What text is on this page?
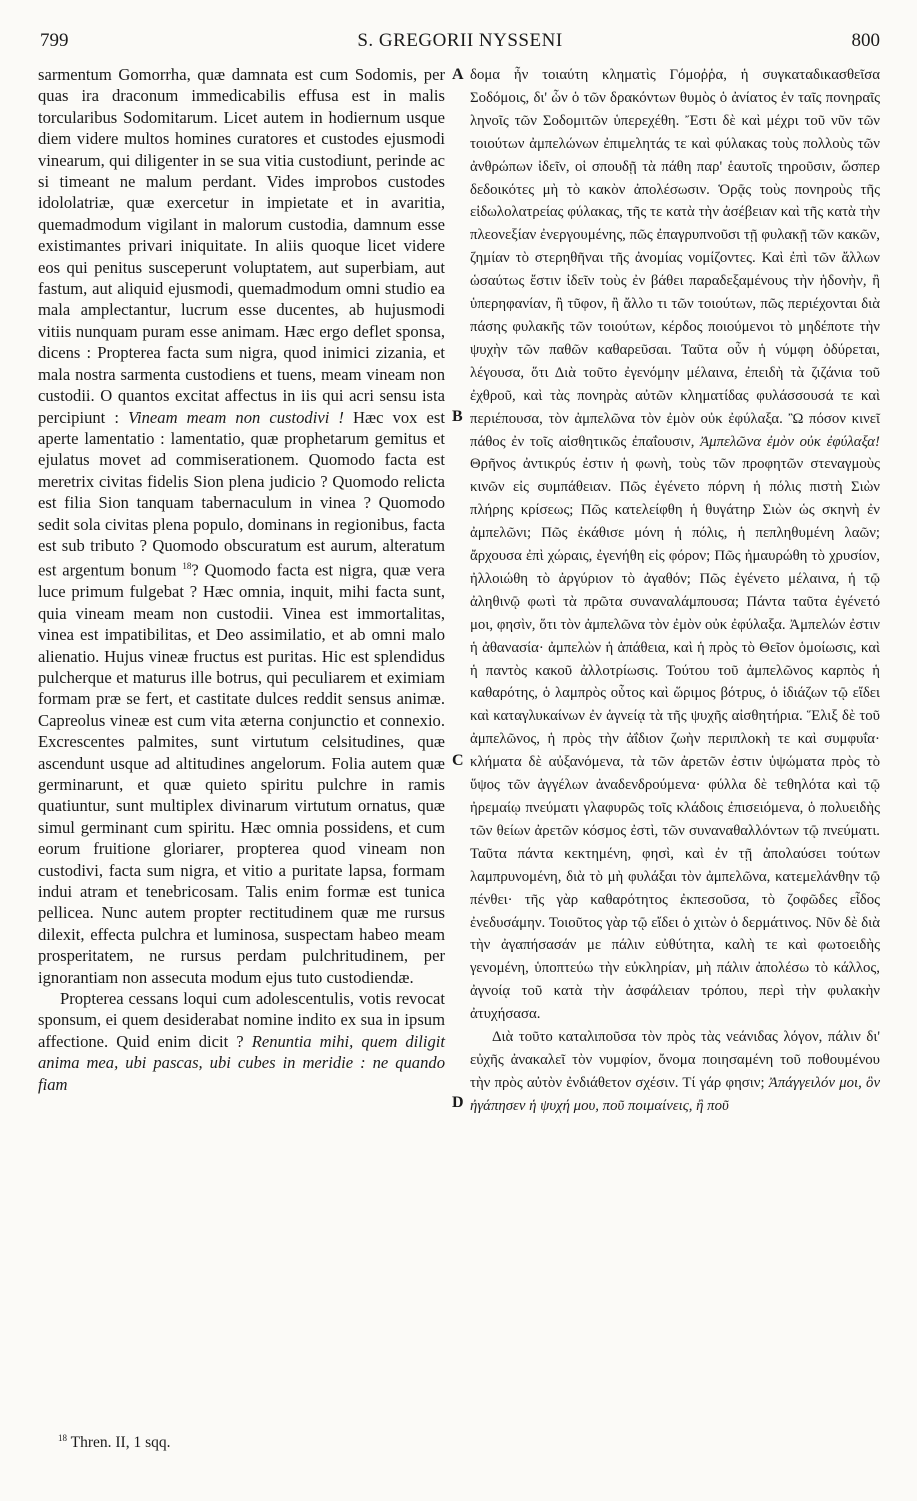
799	S. GREGORII NYSSENI	800

sarmentum Gomorrha, quæ damnata est cum Sodomis, per quas ira draconum immedicabilis effusa est in malis torcularibus Sodomitarum. Licet autem in hodiernum usque diem videre multos homines curatores et custodes ejusmodi vinearum, qui diligenter in se sua vitia custodiunt, perinde ac si timeant ne malum perdant. Vides improbos custodes idololatriæ, quæ exercetur in impietate et in avaritia, quemadmodum vigilant in malorum custodia, damnum esse existimantes privari iniquitate. In aliis quoque licet videre eos qui penitus susceperunt voluptatem, aut superbiam, aut fastum, aut aliquid ejusmodi, quemadmodum omni studio ea mala amplectantur, lucrum esse ducentes, ab hujusmodi vitiis nunquam puram esse animam. Hæc ergo deflet sponsa, dicens : Propterea facta sum nigra, quod inimici zizania, et mala nostra sarmenta custodiens et tuens, meam vineam non custodii. O quantos excitat affectus in iis qui acri sensu ista percipiunt : Vineam meam non custodivi ! Hæc vox est aperte lamentatio : lamentatio, quæ prophetarum gemitus et ejulatus movet ad commiserationem. Quomodo facta est meretrix civitas fidelis Sion plena judicio ? Quomodo relicta est filia Sion tanquam tabernaculum in vinea ? Quomodo sedit sola civitas plena populo, dominans in regionibus, facta est sub tributo ? Quomodo obscuratum est aurum, alteratum est argentum bonum $^{18}$? Quomodo facta est nigra, quæ vera luce primum fulgebat ? Hæc omnia, inquit, mihi facta sunt, quia vineam meam non custodii. Vinea est immortalitas, vinea est impatibilitas, et Deo assimilatio, et ab omni malo alienatio. Hujus vineæ fructus est puritas. Hic est splendidus pulcherque et maturus ille botrus, qui peculiarem et eximiam formam præ se fert, et castitate dulces reddit sensus animæ. Capreolus vineæ est cum vita æterna conjunctio et connexio. Excrescentes palmites, sunt virtutum celsitudines, quæ ascendunt usque ad altitudines angelorum. Folia autem quæ germinarunt, et quæ quieto spiritu pulchre in ramis quatiuntur, sunt multiplex divinarum virtutum ornatus, quæ simul germinant cum spiritu. Hæc omnia possidens, et cum eorum fruitione gloriarer, propterea quod vineam non custodivi, facta sum nigra, et vitio a puritate lapsa, formam indui atram et tenebricosam. Talis enim formæ est tunica pellicea. Nunc autem propter rectitudinem quæ me rursus dilexit, effecta pulchra et luminosa, suspectam habeo meam prosperitatem, ne rursus perdam pulchritudinem, per ignorantiam non assecuta modum ejus tuto custodiendæ.

Propterea cessans loqui cum adolescentulis, votis revocat sponsum, ei quem desiderabat nomine indito ex sua in ipsum affectione. Quid enim dicit ? Renuntia mihi, quem diligit anima mea, ubi pascas, ubi cubes in meridie : ne quando fiam

A
B
C
D

δομα ἦν τοιαύτη κληματὶς Γόμοῤῥα, ἡ συγκαταδικασθεῖσα Σοδόμοις, δι' ὧν ὁ τῶν δρακόντων θυμὸς ὁ ἀνίατος ἐν ταῖς πονηραῖς ληνοῖς τῶν Σοδομιτῶν ὑπερεχέθη. Ἔστι δὲ καὶ μέχρι τοῦ νῦν τῶν τοιούτων ἀμπελώνων ἐπιμελητάς τε καὶ φύλακας τοὺς πολλοὺς τῶν ἀνθρώπων ἰδεῖν, οἱ σπουδῇ τὰ πάθη παρ' ἑαυτοῖς τηροῦσιν, ὥσπερ δεδοικότες μὴ τὸ κακὸν ἀπολέσωσιν. Ὁρᾷς τοὺς πονηροὺς τῆς εἰδωλολατρείας φύλακας, τῆς τε κατὰ τὴν ἀσέβειαν καὶ τῆς κατὰ τὴν πλεονεξίαν ἐνεργουμένης, πῶς ἐπαγρυπνοῦσι τῇ φυλακῇ τῶν κακῶν, ζημίαν τὸ στερηθῆναι τῆς ἀνομίας νομίζοντες. Καὶ ἐπὶ τῶν ἄλλων ὡσαύτως ἔστιν ἰδεῖν τοὺς ἐν βάθει παραδεξαμένους τὴν ἡδονὴν, ἢ ὑπερηφανίαν, ἢ τῦφον, ἢ ἄλλο τι τῶν τοιούτων, πῶς περιέχονται διὰ πάσης φυλακῆς τῶν τοιούτων, κέρδος ποιούμενοι τὸ μηδέποτε τὴν ψυχὴν τῶν παθῶν καθαρεῦσαι. Ταῦτα οὖν ἡ νύμφη ὀδύρεται, λέγουσα, ὅτι Διὰ τοῦτο ἐγενόμην μέλαινα, ἐπειδὴ τὰ ζιζάνια τοῦ ἐχθροῦ, καὶ τὰς πονηρὰς αὐτῶν κληματίδας φυλάσσουσά τε καὶ περιέπουσα, τὸν ἀμπελῶνα τὸν ἐμὸν οὐκ ἐφύλαξα. Ὢ πόσον κινεῖ πάθος ἐν τοῖς αἰσθητικῶς ἐπαΐουσιν, Ἀμπελῶνα ἐμὸν οὐκ ἐφύλαξα! Θρῆνος ἀντικρύς ἐστιν ἡ φωνὴ, τοὺς τῶν προφητῶν στεναγμοὺς κινῶν εἰς συμπάθειαν. Πῶς ἐγένετο πόρνη ἡ πόλις πιστὴ Σιὼν πλήρης κρίσεως; Πῶς κατελείφθη ἡ θυγάτηρ Σιὼν ὡς σκηνὴ ἐν ἀμπελῶνι; Πῶς ἐκάθισε μόνη ἡ πόλις, ἡ πεπληθυμένη λαῶν; ἄρχουσα ἐπὶ χώραις, ἐγενήθη εἰς φόρον; Πῶς ἠμαυρώθη τὸ χρυσίον, ἠλλοιώθη τὸ ἀργύριον τὸ ἀγαθόν; Πῶς ἐγένετο μέλαινα, ἡ τῷ ἀληθινῷ φωτὶ τὰ πρῶτα συναναλάμπουσα; Πάντα ταῦτα ἐγένετό μοι, φησὶν, ὅτι τὸν ἀμπελῶνα τὸν ἐμὸν οὐκ ἐφύλαξα. Ἀμπελών ἐστιν ἡ ἀθανασία· ἀμπελὼν ἡ ἀπάθεια, καὶ ἡ πρὸς τὸ Θεῖον ὁμοίωσις, καὶ ἡ παντὸς κακοῦ ἀλλοτρίωσις. Τούτου τοῦ ἀμπελῶνος καρπὸς ἡ καθαρότης, ὁ λαμπρὸς οὗτος καὶ ὥριμος βότρυς, ὁ ἰδιάζων τῷ εἴδει καὶ καταγλυκαίνων ἐν ἁγνείᾳ τὰ τῆς ψυχῆς αἰσθητήρια. Ἕλιξ δὲ τοῦ ἀμπελῶνος, ἡ πρὸς τὴν ἀΐδιον ζωὴν περιπλοκὴ τε καὶ συμφυΐα· κλήματα δὲ αὐξανόμενα, τὰ τῶν ἀρετῶν ἐστιν ὑψώματα πρὸς τὸ ὕψος τῶν ἀγγέλων ἀναδενδρούμενα· φύλλα δὲ τεθηλότα καὶ τῷ ἠρεμαίῳ πνεύματι γλαφυρῶς τοῖς κλάδοις ἐπισειόμενα, ὁ πολυειδὴς τῶν θείων ἀρετῶν κόσμος ἐστὶ, τῶν συναναθαλλόντων τῷ πνεύματι. Ταῦτα πάντα κεκτημένη, φησὶ, καὶ ἐν τῇ ἀπολαύσει τούτων λαμπρυνομένη, διὰ τὸ μὴ φυλάξαι τὸν ἀμπελῶνα, κατεμελάνθην τῷ πένθει· τῆς γὰρ καθαρότητος ἐκπεσοῦσα, τὸ ζοφῶδες εἶδος ἐνεδυσάμην. Τοιοῦτος γὰρ τῷ εἴδει ὁ χιτὼν ὁ δερμάτινος. Νῦν δὲ διὰ τὴν ἀγαπήσασάν με πάλιν εὐθύτητα, καλὴ τε καὶ φωτοειδὴς γενομένη, ὑποπτεύω τὴν εὐκληρίαν, μὴ πάλιν ἀπολέσω τὸ κάλλος, ἀγνοίᾳ τοῦ κατὰ τὴν ἀσφάλειαν τρόπου, περὶ τὴν φυλακὴν ἀτυχήσασα.

Διὰ τοῦτο καταλιποῦσα τὸν πρὸς τὰς νεάνιδας λόγον, πάλιν δι' εὐχῆς ἀνακαλεῖ τὸν νυμφίον, ὄνομα ποιησαμένη τοῦ ποθουμένου τὴν πρὸς αὐτὸν ἐνδιάθετον σχέσιν. Τί γάρ φησιν; Ἀπάγγειλόν μοι, ὃν ἠγάπησεν ἡ ψυχή μου, ποῦ ποιμαίνεις, ἢ ποῦ

$^{18}$ Thren. II, 1 sqq.
